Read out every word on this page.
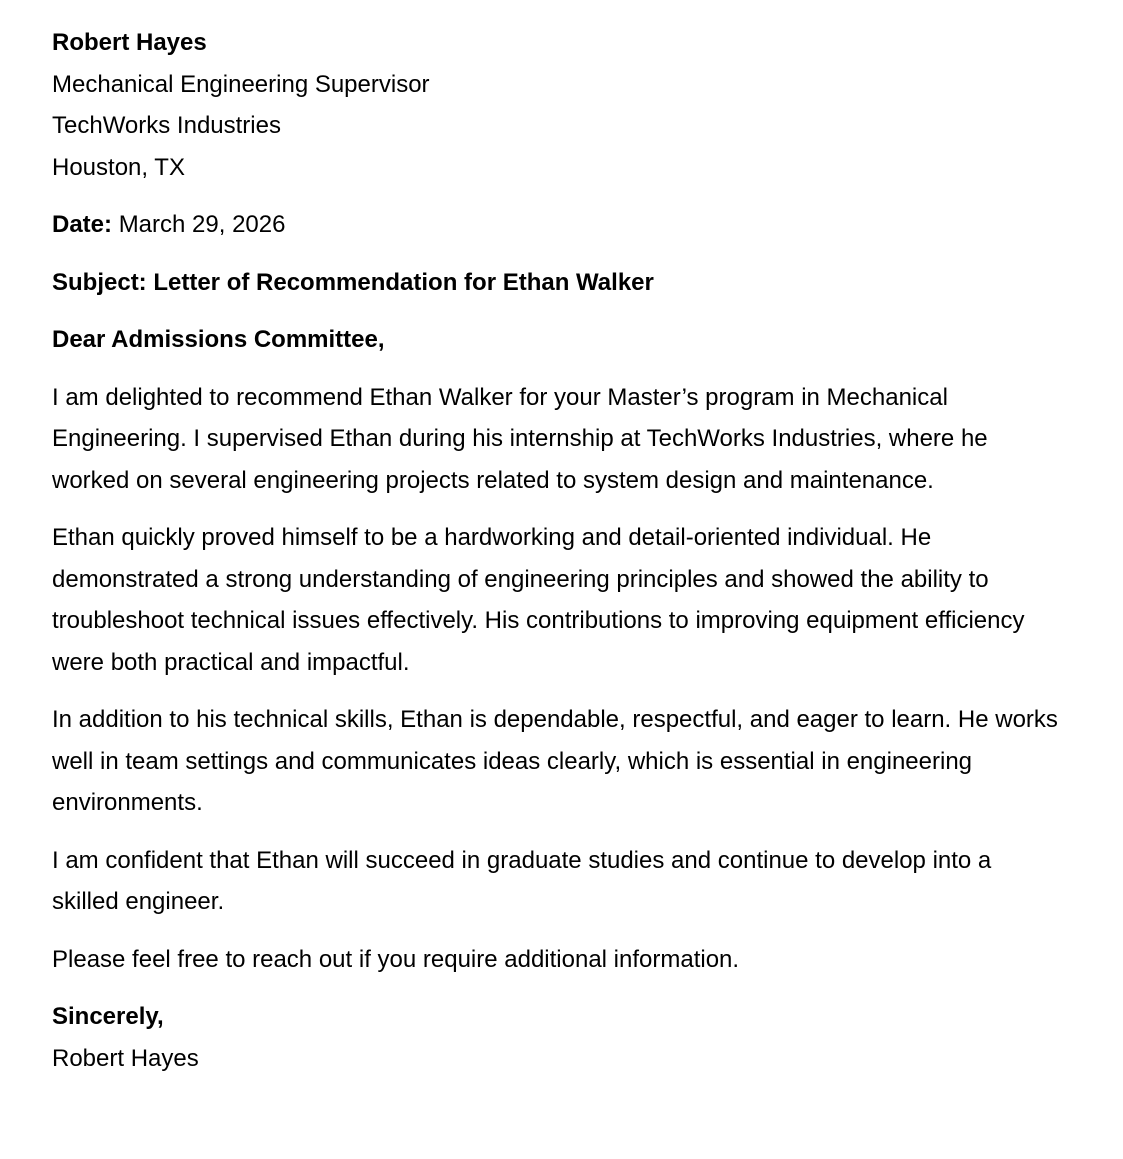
Robert Hayes
Mechanical Engineering Supervisor
TechWorks Industries
Houston, TX

Date: March 29, 2026

Subject: Letter of Recommendation for Ethan Walker

Dear Admissions Committee,

I am delighted to recommend Ethan Walker for your Master’s program in Mechanical Engineering. I supervised Ethan during his internship at TechWorks Industries, where he worked on several engineering projects related to system design and maintenance.

Ethan quickly proved himself to be a hardworking and detail-oriented individual. He demonstrated a strong understanding of engineering principles and showed the ability to troubleshoot technical issues effectively. His contributions to improving equipment efficiency were both practical and impactful.

In addition to his technical skills, Ethan is dependable, respectful, and eager to learn. He works well in team settings and communicates ideas clearly, which is essential in engineering environments.

I am confident that Ethan will succeed in graduate studies and continue to develop into a skilled engineer.

Please feel free to reach out if you require additional information.

Sincerely,
Robert Hayes
